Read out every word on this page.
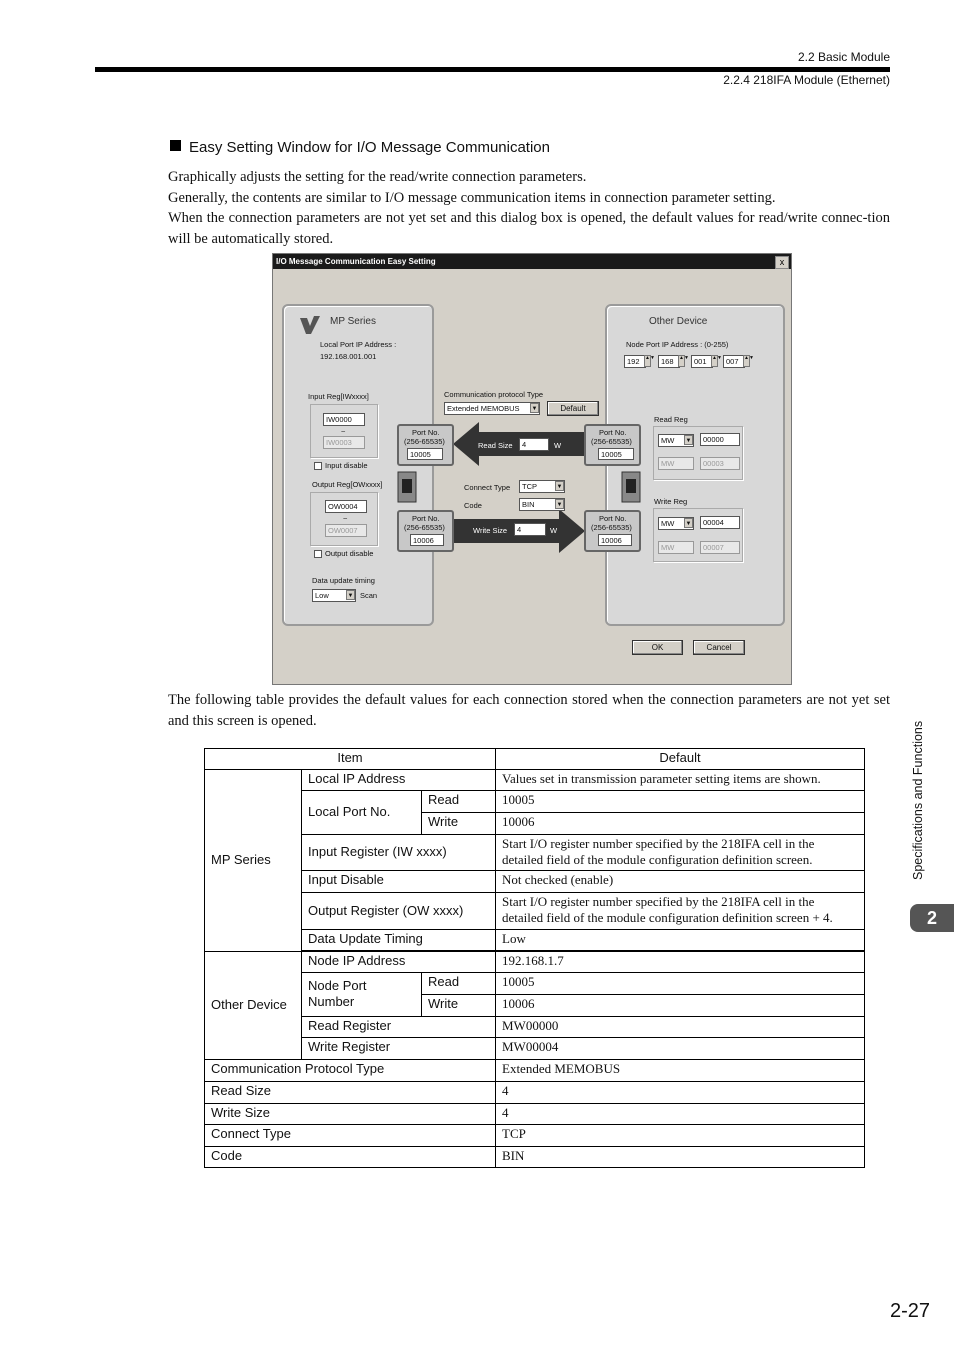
2.2 Basic Module
2.2.4 218IFA Module (Ethernet)
Easy Setting Window for I/O Message Communication
Graphically adjusts the setting for the read/write connection parameters.
Generally, the contents are similar to I/O message communication items in connection parameter setting.
When the connection parameters are not yet set and this dialog box is opened, the default values for read/write connec-tion will be automatically stored.
I/O Message Communication Easy Setting	x
MP Series
Local Port IP Address :
192.168.001.001
Input Reg[IWxxxx]
IW0000
~
IW0003
Input disable
Output Reg[OWxxxx]
OW0004
~
OW0007
Output disable
Data update timing
Low	▼ Scan
Other Device
Node Port IP Address : (0-255)
192	▲▼ 168	▲▼ 001	▲▼ 007	▲▼
Read Reg
MW	▼	00000
MW	00003
Write Reg
MW	▼	00004
MW	00007
Communication protocol Type
Extended MEMOBUS	▼	Default
Read Size	4	W
Write Size	4	W
Port No.
(256-65535)
10005
Port No.
(256-65535)
10005
Port No.
(256-65535)
10006
Port No.
(256-65535)
10006
Connect Type	TCP	▼
Code	BIN	▼
OK	Cancel
The following table provides the default values for each connection stored when the connection parameters are not yet set and this screen is opened.
Item			Default
MP Series	Local IP Address		Values set in transmission parameter setting items are shown.
	Local Port No.	Read	10005
		Write	10006
	Input Register (IW xxxx)		Start I/O register number specified by the 218IFA cell in the detailed field of the module configuration definition screen.
	Input Disable		Not checked (enable)
	Output Register (OW xxxx)		Start I/O register number specified by the 218IFA cell in the detailed field of the module configuration definition screen + 4.
	Data Update Timing		Low

Other Device	Node IP Address		192.168.1.7
	Node Port Number	Read	10005
		Write	10006
	Read Register		MW00000
	Write Register		MW00004
Communication Protocol Type			Extended MEMOBUS
Read Size			4
Write Size			4
Connect Type			TCP
Code			BIN
Specifications and Functions
2
2-27
